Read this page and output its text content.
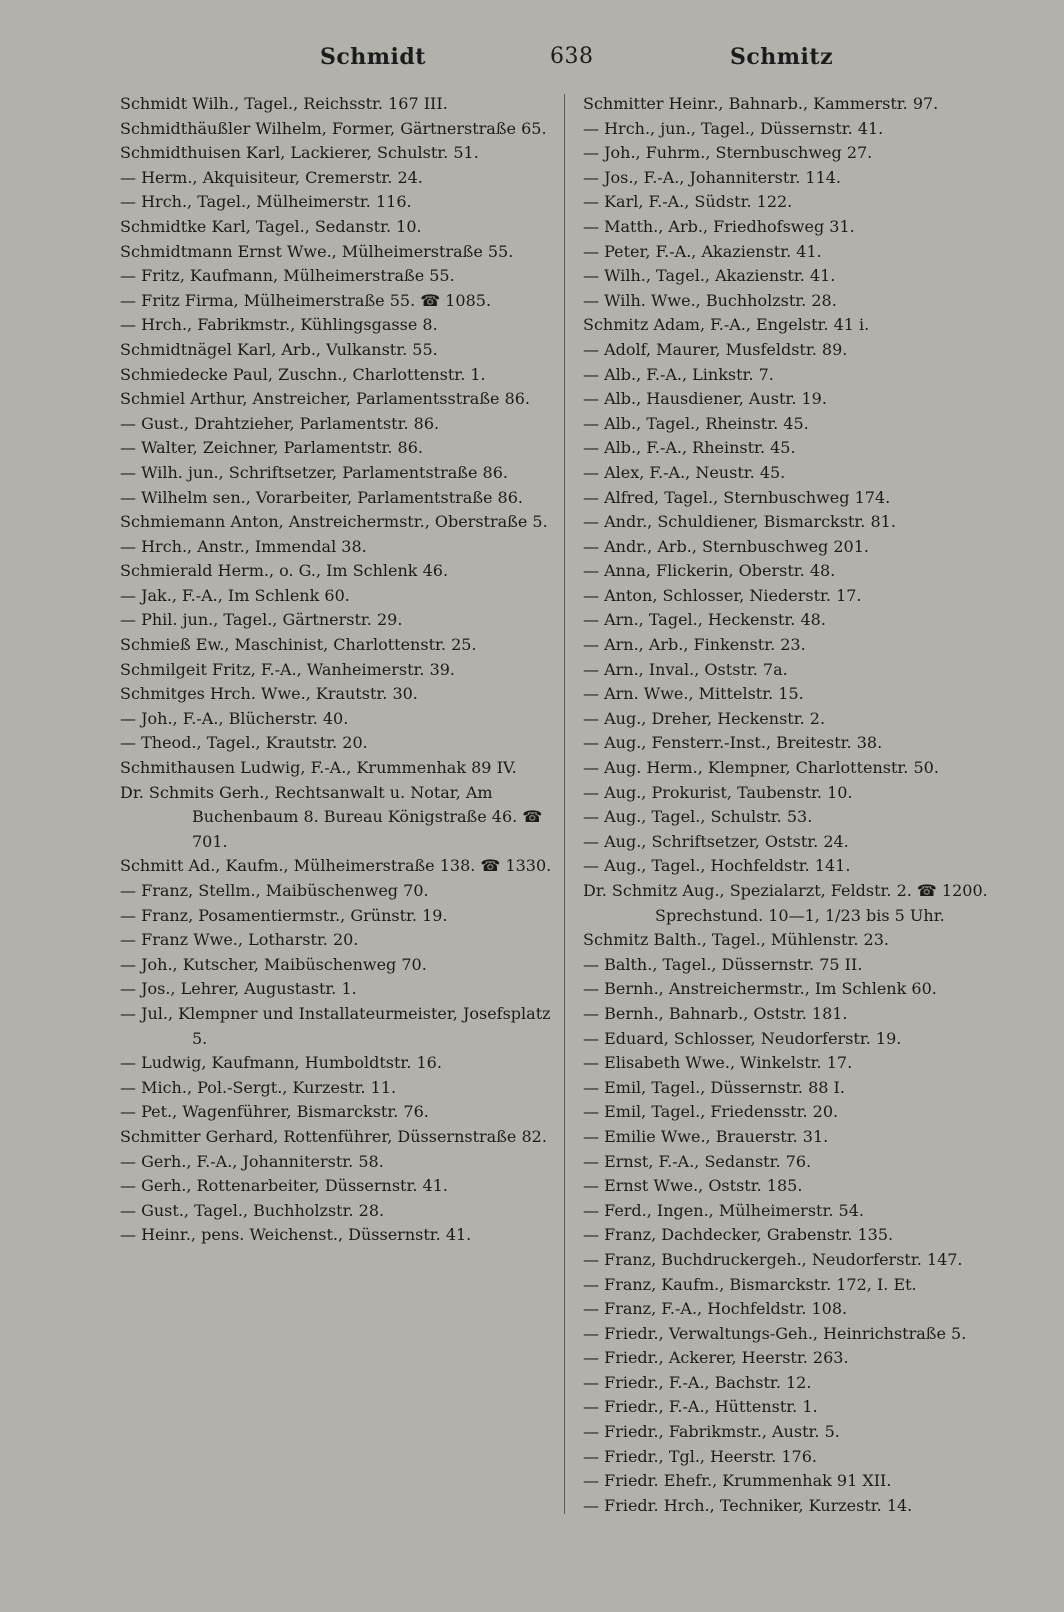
Schmidt	638	Schmitz

Schmidt Wilh., Tagel., Reichsstr. 167 III.

Schmidthäußler Wilhelm, Former, Gärtnerstraße 65.

Schmidthuisen Karl, Lackierer, Schulstr. 51.

— Herm., Akquisiteur, Cremerstr. 24.

— Hrch., Tagel., Mülheimerstr. 116.

Schmidtke Karl, Tagel., Sedanstr. 10.

Schmidtmann Ernst Wwe., Mülheimerstraße 55.

— Fritz, Kaufmann, Mülheimerstraße 55.

— Fritz Firma, Mülheimerstraße 55. ☎ 1085.

— Hrch., Fabrikmstr., Kühlingsgasse 8.

Schmidtnägel Karl, Arb., Vulkanstr. 55.

Schmiedecke Paul, Zuschn., Charlottenstr. 1.

Schmiel Arthur, Anstreicher, Parlamentsstraße 86.

— Gust., Drahtzieher, Parlamentstr. 86.

— Walter, Zeichner, Parlamentstr. 86.

— Wilh. jun., Schriftsetzer, Parlamentstraße 86.

— Wilhelm sen., Vorarbeiter, Parlamentstraße 86.

Schmiemann Anton, Anstreichermstr., Oberstraße 5.

— Hrch., Anstr., Immendal 38.

Schmierald Herm., o. G., Im Schlenk 46.

— Jak., F.-A., Im Schlenk 60.

— Phil. jun., Tagel., Gärtnerstr. 29.

Schmieß Ew., Maschinist, Charlottenstr. 25.

Schmilgeit Fritz, F.-A., Wanheimerstr. 39.

Schmitges Hrch. Wwe., Krautstr. 30.

— Joh., F.-A., Blücherstr. 40.

— Theod., Tagel., Krautstr. 20.

Schmithausen Ludwig, F.-A., Krummenhak 89 IV.

Dr. Schmits Gerh., Rechtsanwalt u. Notar, Am Buchenbaum 8. Bureau Königstraße 46. ☎ 701.

Schmitt Ad., Kaufm., Mülheimerstraße 138. ☎ 1330.

— Franz, Stellm., Maibüschenweg 70.

— Franz, Posamentiermstr., Grünstr. 19.

— Franz Wwe., Lotharstr. 20.

— Joh., Kutscher, Maibüschenweg 70.

— Jos., Lehrer, Augustastr. 1.

— Jul., Klempner und Installateurmeister, Josefsplatz 5.

— Ludwig, Kaufmann, Humboldtstr. 16.

— Mich., Pol.-Sergt., Kurzestr. 11.

— Pet., Wagenführer, Bismarckstr. 76.

Schmitter Gerhard, Rottenführer, Düssernstraße 82.

— Gerh., F.-A., Johanniterstr. 58.

— Gerh., Rottenarbeiter, Düssernstr. 41.

— Gust., Tagel., Buchholzstr. 28.

— Heinr., pens. Weichenst., Düssernstr. 41.

Schmitter Heinr., Bahnarb., Kammerstr. 97.

— Hrch., jun., Tagel., Düssernstr. 41.

— Joh., Fuhrm., Sternbuschweg 27.

— Jos., F.-A., Johanniterstr. 114.

— Karl, F.-A., Südstr. 122.

— Matth., Arb., Friedhofsweg 31.

— Peter, F.-A., Akazienstr. 41.

— Wilh., Tagel., Akazienstr. 41.

— Wilh. Wwe., Buchholzstr. 28.

Schmitz Adam, F.-A., Engelstr. 41 i.

— Adolf, Maurer, Musfeldstr. 89.

— Alb., F.-A., Linkstr. 7.

— Alb., Hausdiener, Austr. 19.

— Alb., Tagel., Rheinstr. 45.

— Alb., F.-A., Rheinstr. 45.

— Alex, F.-A., Neustr. 45.

— Alfred, Tagel., Sternbuschweg 174.

— Andr., Schuldiener, Bismarckstr. 81.

— Andr., Arb., Sternbuschweg 201.

— Anna, Flickerin, Oberstr. 48.

— Anton, Schlosser, Niederstr. 17.

— Arn., Tagel., Heckenstr. 48.

— Arn., Arb., Finkenstr. 23.

— Arn., Inval., Oststr. 7a.

— Arn. Wwe., Mittelstr. 15.

— Aug., Dreher, Heckenstr. 2.

— Aug., Fensterr.-Inst., Breitestr. 38.

— Aug. Herm., Klempner, Charlottenstr. 50.

— Aug., Prokurist, Taubenstr. 10.

— Aug., Tagel., Schulstr. 53.

— Aug., Schriftsetzer, Oststr. 24.

— Aug., Tagel., Hochfeldstr. 141.

Dr. Schmitz Aug., Spezialarzt, Feldstr. 2. ☎ 1200. Sprechstund. 10—1, 1/23 bis 5 Uhr.

Schmitz Balth., Tagel., Mühlenstr. 23.

— Balth., Tagel., Düssernstr. 75 II.

— Bernh., Anstreichermstr., Im Schlenk 60.

— Bernh., Bahnarb., Oststr. 181.

— Eduard, Schlosser, Neudorferstr. 19.

— Elisabeth Wwe., Winkelstr. 17.

— Emil, Tagel., Düssernstr. 88 I.

— Emil, Tagel., Friedensstr. 20.

— Emilie Wwe., Brauerstr. 31.

— Ernst, F.-A., Sedanstr. 76.

— Ernst Wwe., Oststr. 185.

— Ferd., Ingen., Mülheimerstr. 54.

— Franz, Dachdecker, Grabenstr. 135.

— Franz, Buchdruckergeh., Neudorferstr. 147.

— Franz, Kaufm., Bismarckstr. 172, I. Et.

— Franz, F.-A., Hochfeldstr. 108.

— Friedr., Verwaltungs-Geh., Heinrichstraße 5.

— Friedr., Ackerer, Heerstr. 263.

— Friedr., F.-A., Bachstr. 12.

— Friedr., F.-A., Hüttenstr. 1.

— Friedr., Fabrikmstr., Austr. 5.

— Friedr., Tgl., Heerstr. 176.

— Friedr. Ehefr., Krummenhak 91 XII.

— Friedr. Hrch., Techniker, Kurzestr. 14.
